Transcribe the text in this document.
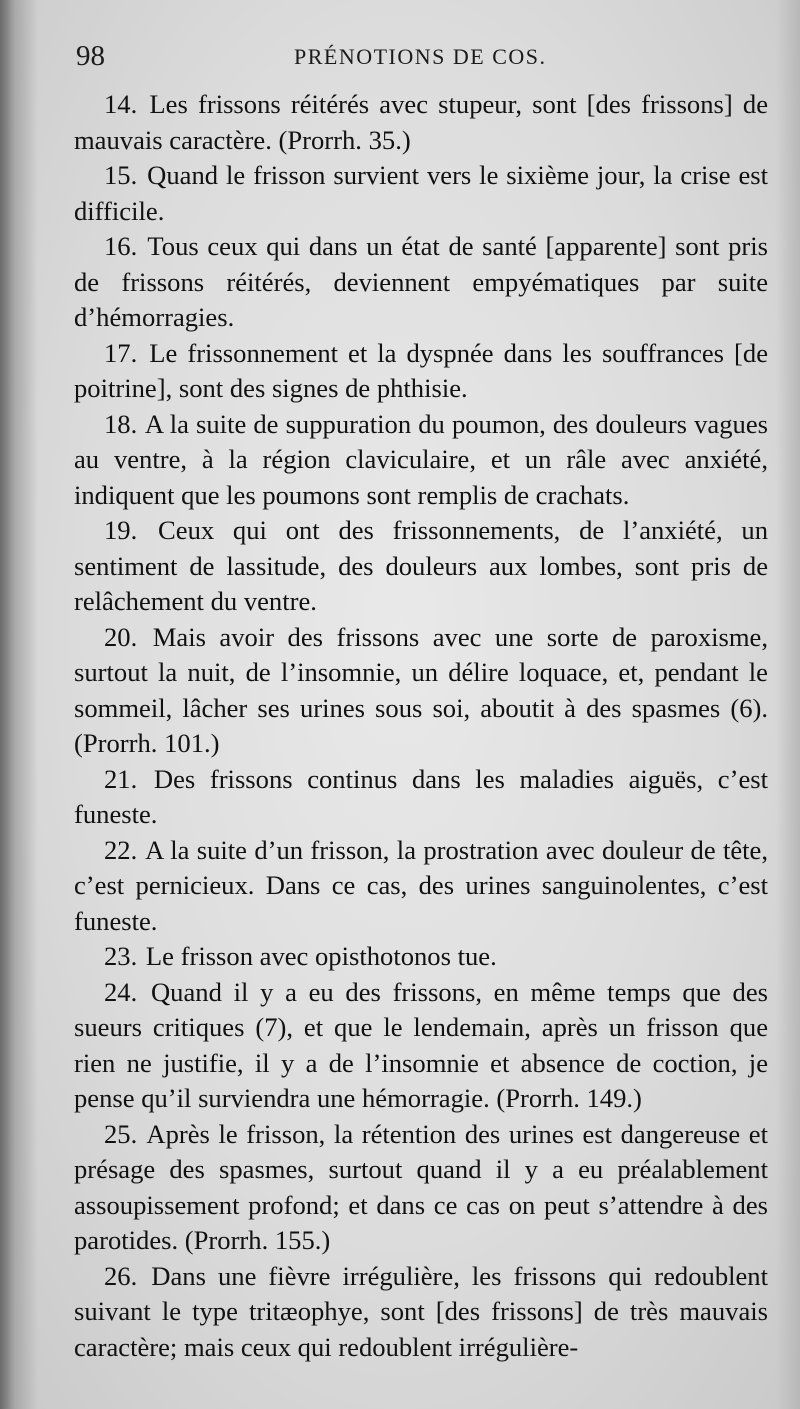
98	PRÉNOTIONS DE COS.

14. Les frissons réitérés avec stupeur, sont [des frissons] de mauvais caractère. (Prorrh. 35.)

15. Quand le frisson survient vers le sixième jour, la crise est difficile.

16. Tous ceux qui dans un état de santé [apparente] sont pris de frissons réitérés, deviennent empyématiques par suite d’hémorragies.

17. Le frissonnement et la dyspnée dans les souffrances [de poitrine], sont des signes de phthisie.

18. A la suite de suppuration du poumon, des douleurs vagues au ventre, à la région claviculaire, et un râle avec anxiété, indiquent que les poumons sont remplis de crachats.

19. Ceux qui ont des frissonnements, de l’anxiété, un sentiment de lassitude, des douleurs aux lombes, sont pris de relâchement du ventre.

20. Mais avoir des frissons avec une sorte de paroxisme, surtout la nuit, de l’insomnie, un délire loquace, et, pendant le sommeil, lâcher ses urines sous soi, aboutit à des spasmes (6). (Prorrh. 101.)

21. Des frissons continus dans les maladies aiguës, c’est funeste.

22. A la suite d’un frisson, la prostration avec douleur de tête, c’est pernicieux. Dans ce cas, des urines sanguinolentes, c’est funeste.

23. Le frisson avec opisthotonos tue.

24. Quand il y a eu des frissons, en même temps que des sueurs critiques (7), et que le lendemain, après un frisson que rien ne justifie, il y a de l’insomnie et absence de coction, je pense qu’il surviendra une hémorragie. (Prorrh. 149.)

25. Après le frisson, la rétention des urines est dangereuse et présage des spasmes, surtout quand il y a eu préalablement assoupissement profond; et dans ce cas on peut s’attendre à des parotides. (Prorrh. 155.)

26. Dans une fièvre irrégulière, les frissons qui redoublent suivant le type tritæophye, sont [des frissons] de très mauvais caractère; mais ceux qui redoublent irrégulière-
